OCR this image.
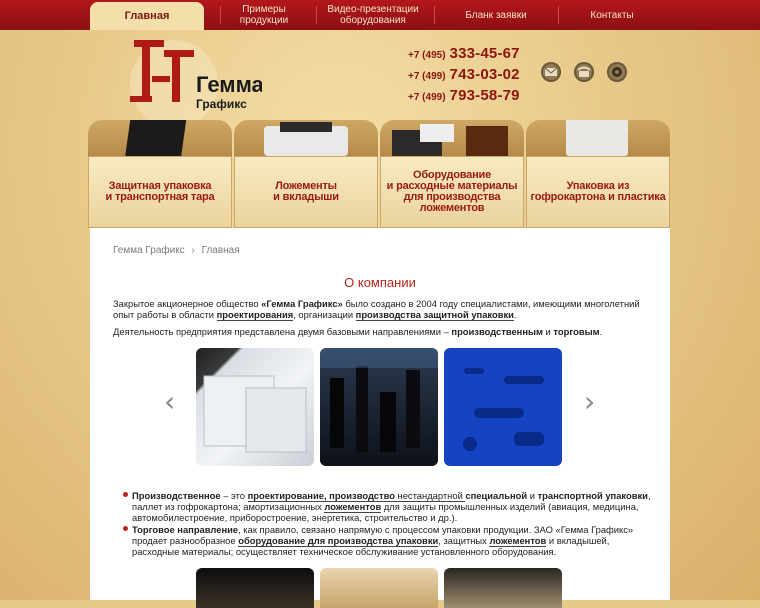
Главная	Примеры продукции
Видео-презентации оборудования	Бланк заявки	Контакты
Гемма
Графикс
+7 (495) 333-45-67
+7 (499) 743-03-02
+7 (499) 793-58-79
Защитная упаковка
и транспортная тара
Ложементы
и вкладыши
Оборудование
и расходные материалы
для производства ложементов
Упаковка из
гофрокартона и пластика
Гемма Графикс › Главная
О компании
Закрытое акционерное общество «Гемма Графикс» было создано в 2004 году специалистами, имеющими многолетний опыт работы в области проектирования, организации производства защитной упаковки.
Деятельность предприятия представлена двумя базовыми направлениями – производственным и торговым.
‹	›
Производственное – это проектирование, производство нестандартной специальной и транспортной упаковки, паллет из гофрокартона; амортизационных ложементов для защиты промышленных изделий (авиация, медицина, автомобилестроение, приборостроение, энергетика, строительство и др.).
Торговое направление, как правило, связано напрямую с процессом упаковки продукции. ЗАО «Гемма Графикс» продает разнообразное оборудование для производства упаковки, защитных ложементов и вкладышей, расходные материалы; осуществляет техническое обслуживание установленного оборудования.
